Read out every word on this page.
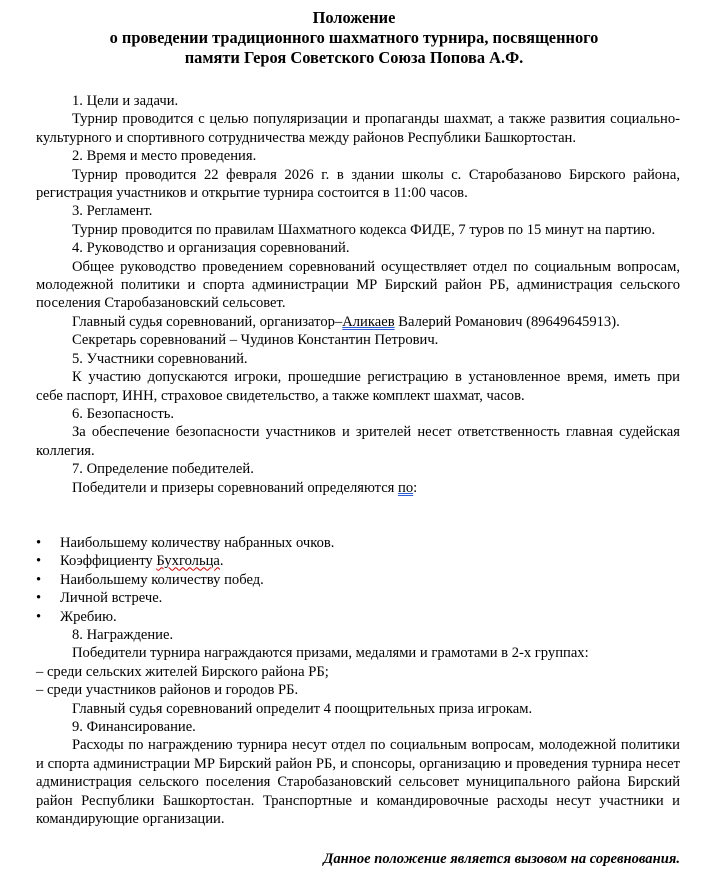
Положение
о проведении традиционного шахматного турнира, посвященного
памяти Героя Советского Союза Попова А.Ф.

1. Цели и задачи.

Турнир проводится с целью популяризации и пропаганды шахмат, а также развития социально-культурного и спортивного сотрудничества между районов Республики Башкортостан.

2. Время и место проведения.

Турнир проводится 22 февраля 2026 г. в здании школы с. Старобазаново Бирского района, регистрация участников и открытие турнира состоится в 11:00 часов.

3. Регламент.

Турнир проводится по правилам Шахматного кодекса ФИДЕ, 7 туров по 15 минут на партию.

4. Руководство и организация соревнований.

Общее руководство проведением соревнований осуществляет отдел по социальным вопросам, молодежной политики и спорта администрации МР Бирский район РБ, администрация сельского поселения Старобазановский сельсовет.

Главный судья соревнований, организатор–Аликаев Валерий Романович (89649645913).

Секретарь соревнований – Чудинов Константин Петрович.

5. Участники соревнований.

К участию допускаются игроки, прошедшие регистрацию в установленное время, иметь при себе паспорт, ИНН, страховое свидетельство, а также комплект шахмат, часов.

6. Безопасность.

За обеспечение безопасности участников и зрителей несет ответственность главная судейская коллегия.

7. Определение победителей.

Победители и призеры соревнований определяются по:

• Наибольшему количеству набранных очков.
• Коэффициенту Бухгольца.
• Наибольшему количеству побед.
• Личной встрече.
• Жребию.

8. Награждение.

Победители турнира награждаются призами, медалями и грамотами в 2-х группах:

– среди сельских жителей Бирского района РБ;

– среди участников районов и городов РБ.

Главный судья соревнований определит 4 поощрительных приза игрокам.

9. Финансирование.

Расходы по награждению турнира несут отдел по социальным вопросам, молодежной политики и спорта администрации МР Бирский район РБ, и спонсоры, организацию и проведения турнира несет администрация сельского поселения Старобазановский сельсовет муниципального района Бирский район Республики Башкортостан. Транспортные и командировочные расходы несут участники и командирующие организации.

Данное положение является вызовом на соревнования.
